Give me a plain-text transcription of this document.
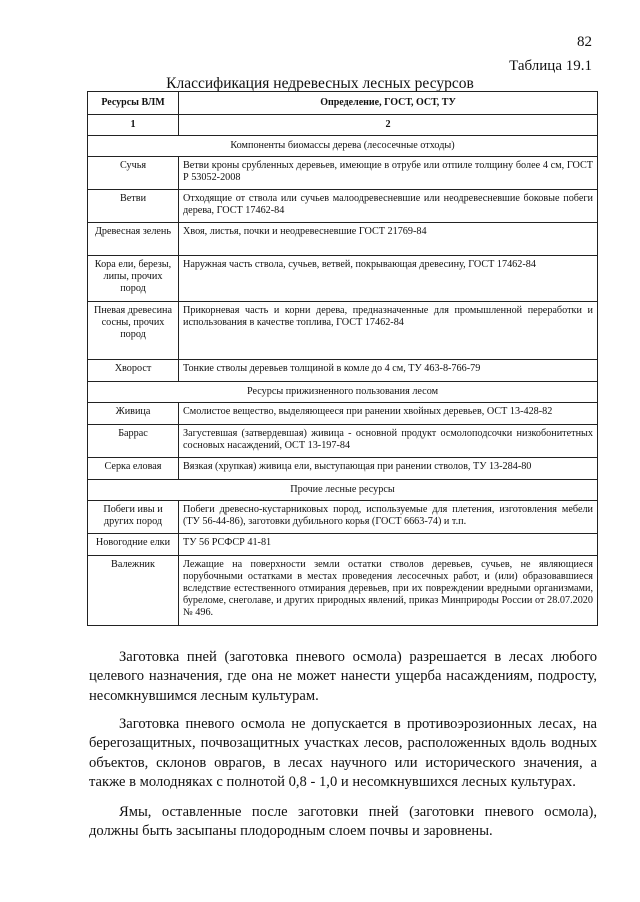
82
Таблица 19.1
Классификация недревесных лесных ресурсов
Ресурсы ВЛМ	Определение, ГОСТ, ОСТ, ТУ
1	2
Компоненты биомассы дерева (лесосечные отходы)	
Сучья	Ветви кроны срубленных деревьев, имеющие в отрубе или отпиле толщину более 4 см, ГОСТ Р 53052-2008
Ветви	Отходящие от ствола или сучьев малоодревесневшие или неодревесневшие боковые побеги дерева, ГОСТ 17462-84
Древесная зелень	Хвоя, листья, почки и неодревесневшие ГОСТ 21769-84
Кора ели, березы, липы, прочих пород	Наружная часть ствола, сучьев, ветвей, покрывающая древесину, ГОСТ 17462-84
Пневая древесина сосны, прочих пород	Прикорневая часть и корни дерева, предназначенные для промышленной переработки и использования в качестве топлива, ГОСТ 17462-84
Хворост	Тонкие стволы деревьев толщиной в комле до 4 см, ТУ 463-8-766-79
Ресурсы прижизненного пользования лесом	
Живица	Смолистое вещество, выделяющееся при ранении хвойных деревьев, ОСТ 13-428-82
Баррас	Загустевшая (затвердевшая) живица - основной продукт осмолоподсочки низкобонитетных сосновых насаждений, ОСТ 13-197-84
Серка еловая	Вязкая (хрупкая) живица ели, выступающая при ранении стволов, ТУ 13-284-80
Прочие лесные ресурсы	
Побеги ивы и других пород	Побеги древесно-кустарниковых пород, используемые для плетения, изготовления мебели (ТУ 56-44-86), заготовки дубильного корья (ГОСТ 6663-74) и т.п.
Новогодние елки	ТУ 56 РСФСР 41-81
Валежник	Лежащие на поверхности земли остатки стволов деревьев, сучьев, не являющиеся порубочными остатками в местах проведения лесосечных работ, и (или) образовавшиеся вследствие естественного отмирания деревьев, при их повреждении вредными организмами, буреломе, снеголаве, и других природных явлений, приказ Минприроды России от 28.07.2020 № 496.

Заготовка пней (заготовка пневого осмола) разрешается в лесах любого целевого назначения, где она не может нанести ущерба насаждениям, подросту, несомкнувшимся лесным культурам.

Заготовка пневого осмола не допускается в противоэрозионных лесах, на берегозащитных, почвозащитных участках лесов, расположенных вдоль водных объектов, склонов оврагов, в лесах научного или исторического значения, а также в молодняках с полнотой 0,8 - 1,0 и несомкнувшихся лесных культурах.

Ямы, оставленные после заготовки пней (заготовки пневого осмола), должны быть засыпаны плодородным слоем почвы и заровнены.
